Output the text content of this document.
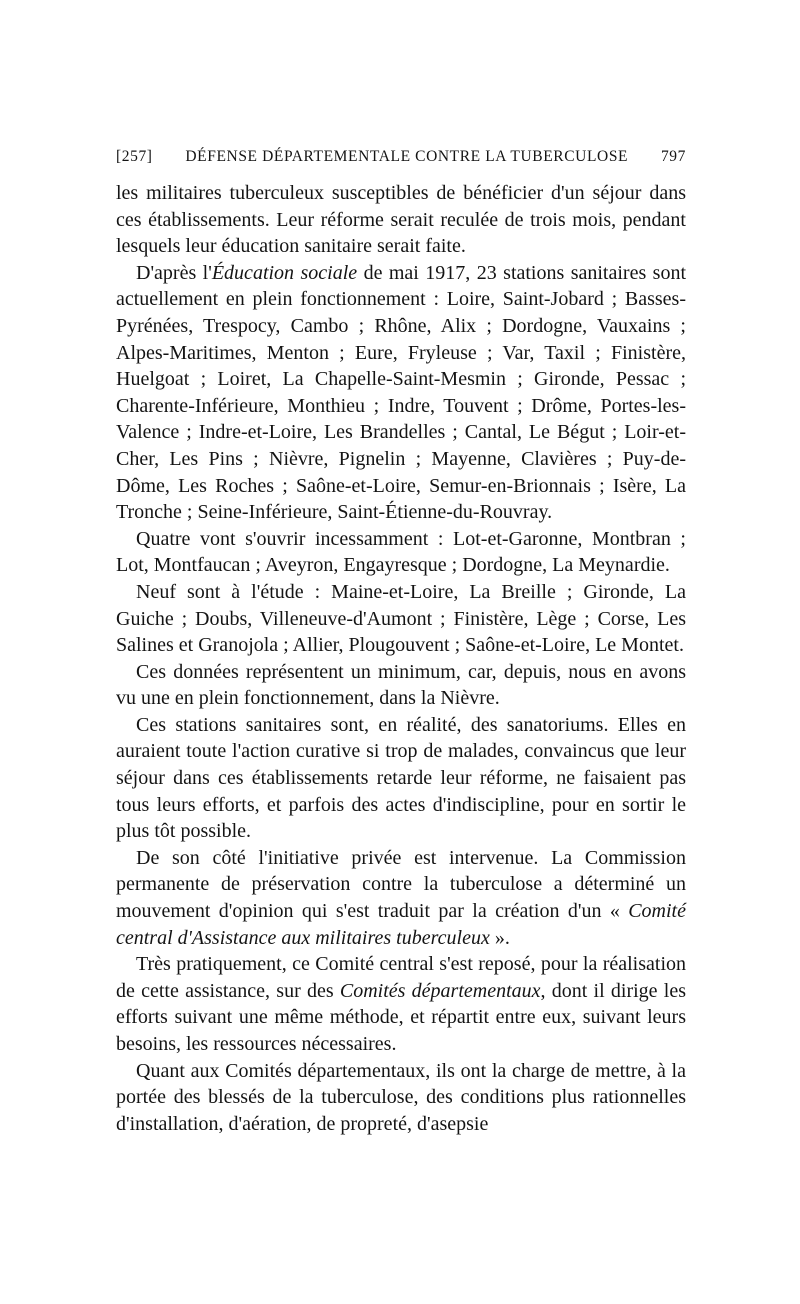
[257]	DÉFENSE DÉPARTEMENTALE CONTRE LA TUBERCULOSE	797

les militaires tuberculeux susceptibles de bénéficier d'un séjour dans ces établissements. Leur réforme serait reculée de trois mois, pendant lesquels leur éducation sanitaire serait faite.

D'après l'Éducation sociale de mai 1917, 23 stations sanitaires sont actuellement en plein fonctionnement : Loire, Saint-Jobard ; Basses-Pyrénées, Trespocy, Cambo ; Rhône, Alix ; Dordogne, Vauxains ; Alpes-Maritimes, Menton ; Eure, Fryleuse ; Var, Taxil ; Finistère, Huelgoat ; Loiret, La Chapelle-Saint-Mesmin ; Gironde, Pessac ; Charente-Inférieure, Monthieu ; Indre, Touvent ; Drôme, Portes-les-Valence ; Indre-et-Loire, Les Brandelles ; Cantal, Le Bégut ; Loir-et-Cher, Les Pins ; Nièvre, Pignelin ; Mayenne, Clavières ; Puy-de-Dôme, Les Roches ; Saône-et-Loire, Semur-en-Brionnais ; Isère, La Tronche ; Seine-Inférieure, Saint-Étienne-du-Rouvray.

Quatre vont s'ouvrir incessamment : Lot-et-Garonne, Montbran ; Lot, Montfaucan ; Aveyron, Engayresque ; Dordogne, La Meynardie.

Neuf sont à l'étude : Maine-et-Loire, La Breille ; Gironde, La Guiche ; Doubs, Villeneuve-d'Aumont ; Finistère, Lège ; Corse, Les Salines et Granojola ; Allier, Plougouvent ; Saône-et-Loire, Le Montet.

Ces données représentent un minimum, car, depuis, nous en avons vu une en plein fonctionnement, dans la Nièvre.

Ces stations sanitaires sont, en réalité, des sanatoriums. Elles en auraient toute l'action curative si trop de malades, convaincus que leur séjour dans ces établissements retarde leur réforme, ne faisaient pas tous leurs efforts, et parfois des actes d'indiscipline, pour en sortir le plus tôt possible.

De son côté l'initiative privée est intervenue. La Commission permanente de préservation contre la tuberculose a déterminé un mouvement d'opinion qui s'est traduit par la création d'un « Comité central d'Assistance aux militaires tuberculeux ».

Très pratiquement, ce Comité central s'est reposé, pour la réalisation de cette assistance, sur des Comités départementaux, dont il dirige les efforts suivant une même méthode, et répartit entre eux, suivant leurs besoins, les ressources nécessaires.

Quant aux Comités départementaux, ils ont la charge de mettre, à la portée des blessés de la tuberculose, des conditions plus rationnelles d'installation, d'aération, de propreté, d'asepsie
